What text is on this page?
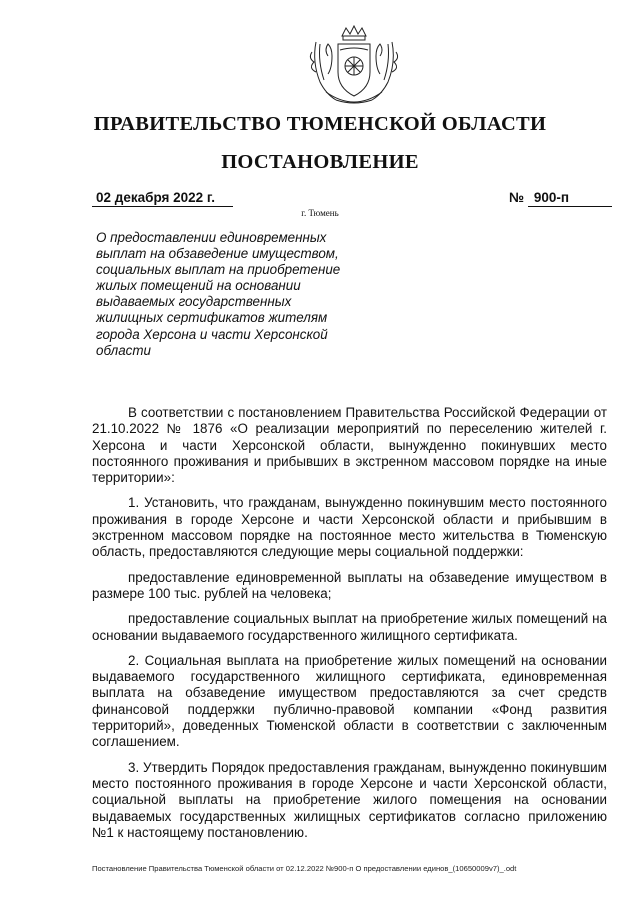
ПРАВИТЕЛЬСТВО ТЮМЕНСКОЙ ОБЛАСТИ
ПОСТАНОВЛЕНИЕ
02 декабря 2022 г.	№ 900-п
г. Тюмень
О предоставлении единовременных
выплат на обзаведение имуществом,
социальных выплат на приобретение
жилых помещений на основании
выдаваемых государственных
жилищных сертификатов жителям
города Херсона и части Херсонской
области

В соответствии с постановлением Правительства Российской Федерации от 21.10.2022 № 1876 «О реализации мероприятий по переселению жителей г. Херсона и части Херсонской области, вынужденно покинувших место постоянного проживания и прибывших в экстренном массовом порядке на иные территории»:

1. Установить, что гражданам, вынужденно покинувшим место постоянного проживания в городе Херсоне и части Херсонской области и прибывшим в экстренном массовом порядке на постоянное место жительства в Тюменскую область, предоставляются следующие меры социальной поддержки:

предоставление единовременной выплаты на обзаведение имуществом в размере 100 тыс. рублей на человека;

предоставление социальных выплат на приобретение жилых помещений на основании выдаваемого государственного жилищного сертификата.

2. Социальная выплата на приобретение жилых помещений на основании выдаваемого государственного жилищного сертификата, единовременная выплата на обзаведение имуществом предоставляются за счет средств финансовой поддержки публично-правовой компании «Фонд развития территорий», доведенных Тюменской области в соответствии с заключенным соглашением.

3. Утвердить Порядок предоставления гражданам, вынужденно покинувшим место постоянного проживания в городе Херсоне и части Херсонской области, социальной выплаты на приобретение жилого помещения на основании выдаваемых государственных жилищных сертификатов согласно приложению №1 к настоящему постановлению.

Постановление Правительства Тюменской области от 02.12.2022 №900-п О предоставлении единов_(10650009v7)_.odt
